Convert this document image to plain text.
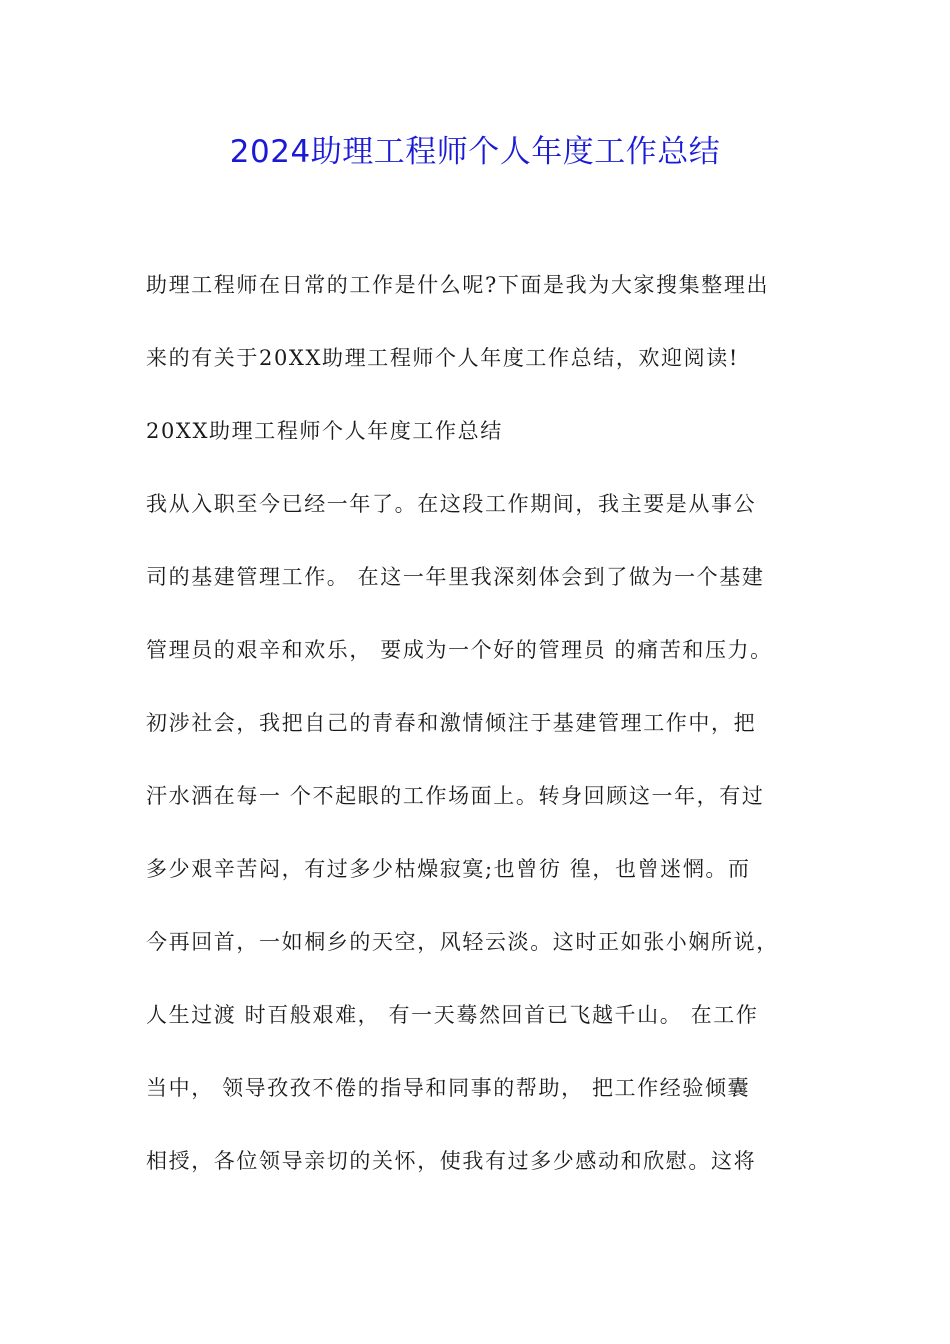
2024助理工程师个人年度工作总结
助理工程师在日常的工作是什么呢?下面是我为大家搜集整理出
来的有关于20XX助理工程师个人年度工作总结，欢迎阅读!
20XX助理工程师个人年度工作总结
我从入职至今已经一年了。在这段工作期间，我主要是从事公
司的基建管理工作。 在这一年里我深刻体会到了做为一个基建
管理员的艰辛和欢乐， 要成为一个好的管理员 的痛苦和压力。
初涉社会，我把自己的青春和激情倾注于基建管理工作中，把
汗水洒在每一 个不起眼的工作场面上。转身回顾这一年，有过
多少艰辛苦闷，有过多少枯燥寂寞;也曾彷 徨，也曾迷惘。而
今再回首，一如桐乡的天空，风轻云淡。这时正如张小娴所说，
人生过渡 时百般艰难， 有一天蓦然回首已飞越千山。 在工作
当中， 领导孜孜不倦的指导和同事的帮助， 把工作经验倾囊
相授，各位领导亲切的关怀，使我有过多少感动和欣慰。这将
